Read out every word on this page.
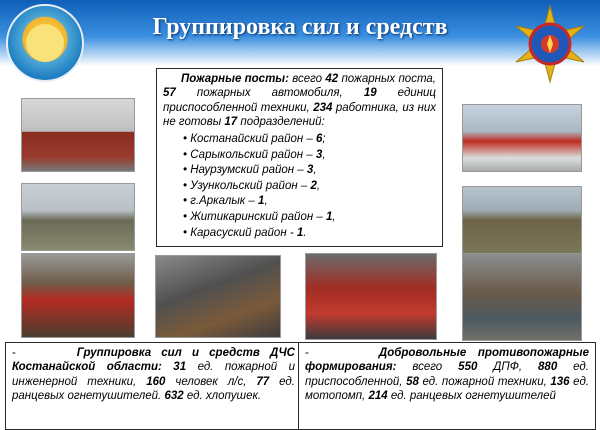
Группировка сил и средств
Пожарные посты: всего 42 пожарных поста, 57 пожарных автомобиля, 19 единиц приспособленной техники, 234 работника, из них не готовы 17 подразделений:
• Костанайский район – 6;
• Сарыкольский район – 3,
• Наурзумский район – 3,
• Узункольский район – 2,
• г.Аркалык – 1,
• Житикаринский район – 1,
• Карасуский район - 1.
-      Группировка сил и средств ДЧС Костанайской области: 31 ед. пожарной и инженерной техники, 160 человек л/с, 77 ед. ранцевых огнетушителей. 632 ед. хлопушек.
-      Добровольные противопожарные формирования: всего 550 ДПФ, 880 ед. приспособленной, 58 ед. пожарной техники, 136 ед. мотопомп, 214 ед. ранцевых огнетушителей
